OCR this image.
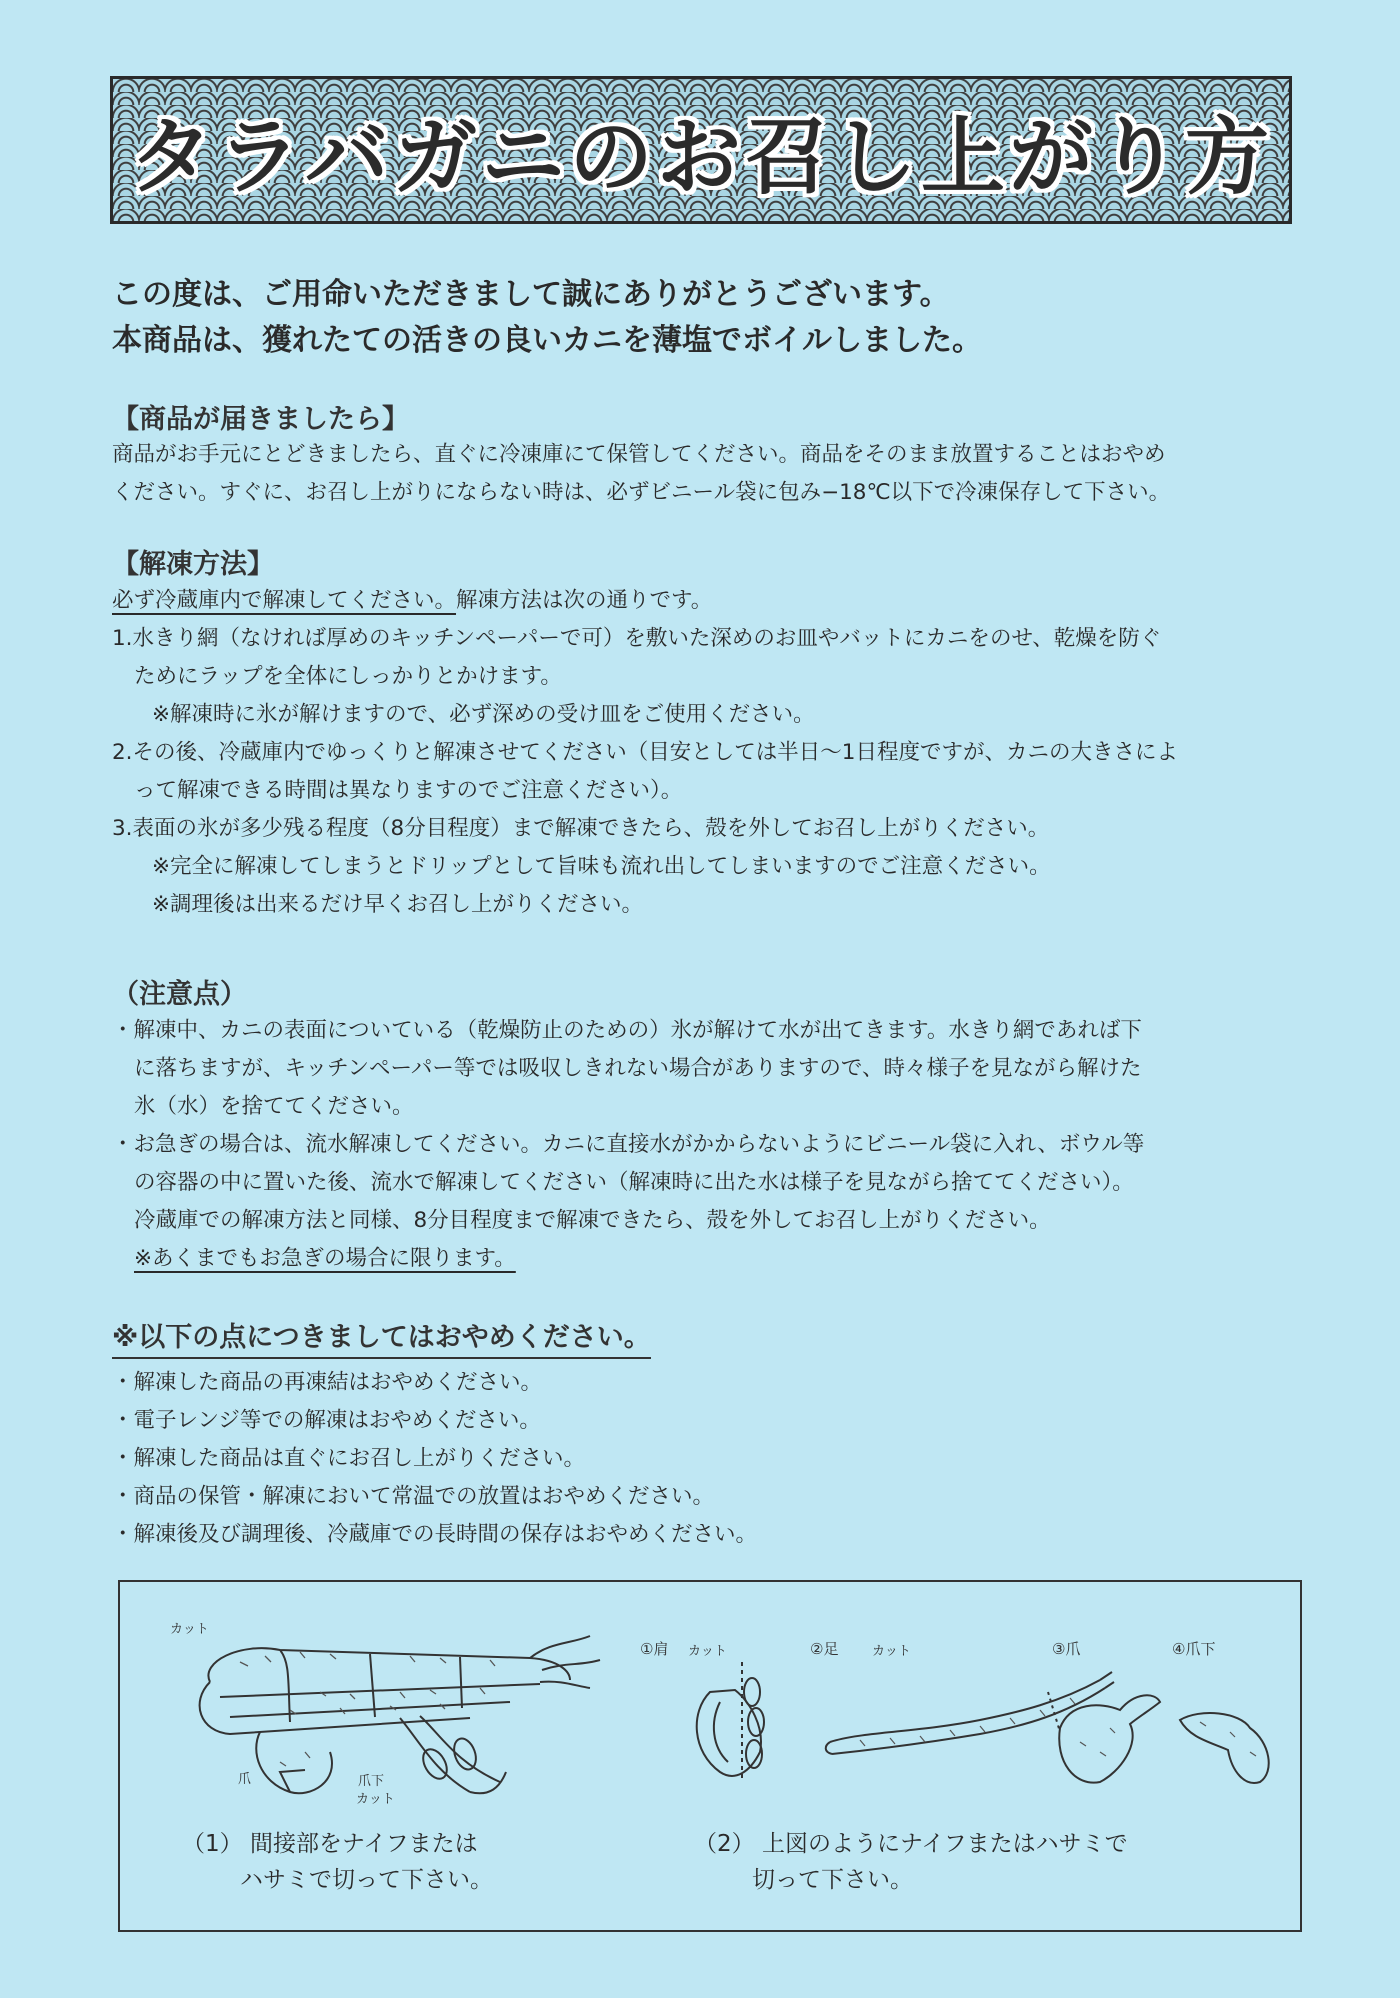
タラバガニのお召し上がり方
この度は、ご用命いただきまして誠にありがとうございます。
本商品は、獲れたての活きの良いカニを薄塩でボイルしました。
【商品が届きましたら】
商品がお手元にとどきましたら、直ぐに冷凍庫にて保管してください。商品をそのまま放置することはおやめ
ください。すぐに、お召し上がりにならない時は、必ずビニール袋に包み−18℃以下で冷凍保存して下さい。
【解凍方法】
必ず冷蔵庫内で解凍してください。解凍方法は次の通りです。
1.水きり網（なければ厚めのキッチンペーパーで可）を敷いた深めのお皿やバットにカニをのせ、乾燥を防ぐ
ためにラップを全体にしっかりとかけます。
※解凍時に氷が解けますので、必ず深めの受け皿をご使用ください。
2.その後、冷蔵庫内でゆっくりと解凍させてください（目安としては半日〜1日程度ですが、カニの大きさによ
って解凍できる時間は異なりますのでご注意ください）。
3.表面の氷が多少残る程度（8分目程度）まで解凍できたら、殻を外してお召し上がりください。
※完全に解凍してしまうとドリップとして旨味も流れ出してしまいますのでご注意ください。
※調理後は出来るだけ早くお召し上がりください。
（注意点）
・解凍中、カニの表面についている（乾燥防止のための）氷が解けて水が出てきます。水きり網であれば下
に落ちますが、キッチンペーパー等では吸収しきれない場合がありますので、時々様子を見ながら解けた
氷（水）を捨ててください。
・お急ぎの場合は、流水解凍してください。カニに直接水がかからないようにビニール袋に入れ、ボウル等
の容器の中に置いた後、流水で解凍してください（解凍時に出た水は様子を見ながら捨ててください）。
冷蔵庫での解凍方法と同様、8分目程度まで解凍できたら、殻を外してお召し上がりください。
※あくまでもお急ぎの場合に限ります。
※以下の点につきましてはおやめください。
・解凍した商品の再凍結はおやめください。
・電子レンジ等での解凍はおやめください。
・解凍した商品は直ぐにお召し上がりください。
・商品の保管・解凍において常温での放置はおやめください。
・解凍後及び調理後、冷蔵庫での長時間の保存はおやめください。
カット
爪	爪下
カット
①肩 カット	②足	カット	③爪	④爪下
（1） 間接部をナイフまたは
ハサミで切って下さい。
（2） 上図のようにナイフまたはハサミで
切って下さい。
